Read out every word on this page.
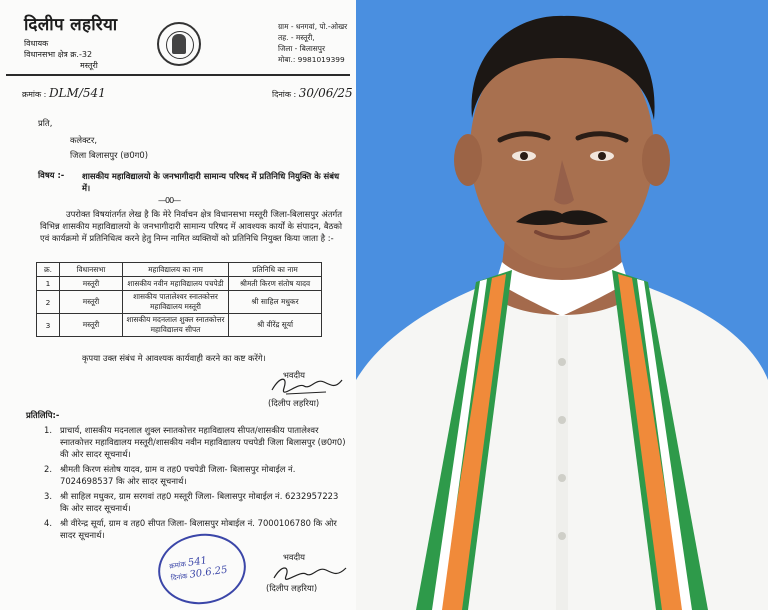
दिलीप लहरिया
विधायक
विधानसभा क्षेत्र क्र.-32
मस्तूरी
ग्राम - धनगवां, पो.-ओखर
तह. - मस्तूरी,
जिला - बिलासपुर
मोबा.: 9981019399
क्रमांक : DLM/541	दिनांक : 30/06/25
प्रति,
कलेक्टर,
जिला बिलासपुर (छ0ग0)
विषय :- शासकीय महाविद्यालयो के जनभागीदारी सामान्य परिषद में प्रतिनिधि नियुक्ति के संबंध में।
—00—
उपरोक्त विषयांतर्गत लेख है कि मेरे निर्वाचन क्षेत्र विधानसभा मस्तूरी जिला-बिलासपुर अंतर्गत विभिन्न शासकीय महाविद्यालयो के जनभागीदारी सामान्य परिषद में आवश्यक कार्यों के संपादन, बैठको एवं कार्यक्रमो में प्रतिनिधित्व करने हेतु निम्न नामित व्यक्तियों को प्रतिनिधि नियुक्त किया जाता है :-
क्र.	विधानसभा	महाविद्यालय का नाम	प्रतिनिधि का नाम
1	मस्तूरी	शासकीय नवीन महाविद्यालय पचपेडी	श्रीमती किरण संतोष यादव
2	मस्तूरी	शासकीय पातालेश्वर स्नातकोत्तर महाविद्यालय मस्तूरी	श्री साहिल मधुकर
3	मस्तूरी	शासकीय मदनलाल शुक्ल स्नातकोत्तर महाविद्यालय सीपत	श्री वीरेंद्र सूर्या
कृपया उक्त संबंध मे आवश्यक कार्यवाही करने का कष्ट करेंगे।
भवदीय
(दिलीप लहरिया)
प्रतिलिपि:-
1. प्राचार्य, शासकीय मदनलाल शुक्ल स्नातकोत्तर महाविद्यालय सीपत/शासकीय पातालेश्वर स्नातकोत्तर महाविद्यालय मस्तूरी/शासकीय नवीन महाविद्यालय पचपेडी जिला बिलासपुर (छ0ग0) की ओर सादर सूचनार्थ।
2. श्रीमती किरण संतोष यादव, ग्राम व तह0 पचपेडी जिला- बिलासपुर मोबाईल नं. 7024698537 कि ओर सादर सूचनार्थ।
3. श्री साहिल मधुकर, ग्राम सरगवां तह0 मस्तूरी जिला- बिलासपुर मोबाईल नं. 6232957223 कि ओर सादर सूचनार्थ।
4. श्री वीरेन्द्र सूर्या, ग्राम व तह0 सीपत जिला- बिलासपुर मोबाईल नं. 7000106780 कि ओर सादर सूचनार्थ।
क्रमांक 541
दिनांक 30.6.25
भवदीय
(दिलीप लहरिया)
